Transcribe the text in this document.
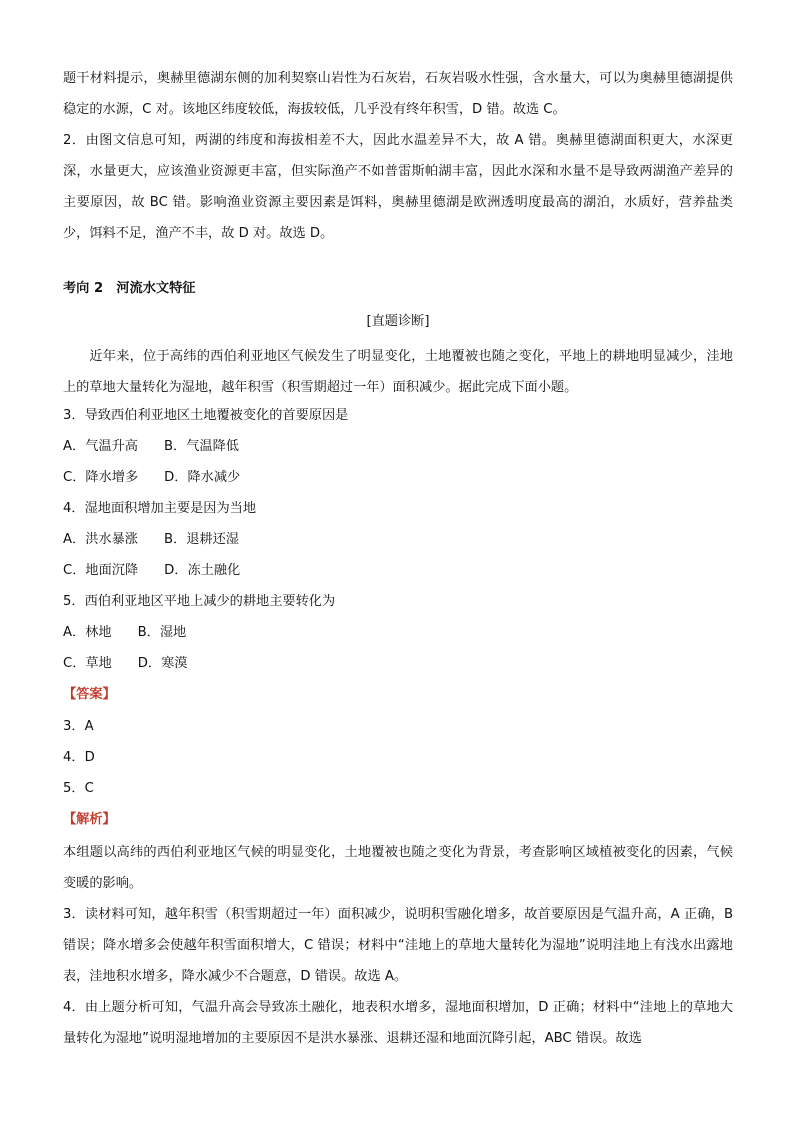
题干材料提示，奥赫里德湖东侧的加利契察山岩性为石灰岩，石灰岩吸水性强，含水量大，可以为奥赫里德湖提供稳定的水源，C 对。该地区纬度较低，海拔较低，几乎没有终年积雪，D 错。故选 C。

2．由图文信息可知，两湖的纬度和海拔相差不大，因此水温差异不大，故 A 错。奥赫里德湖面积更大，水深更深，水量更大，应该渔业资源更丰富，但实际渔产不如普雷斯帕湖丰富，因此水深和水量不是导致两湖渔产差异的主要原因，故 BC 错。影响渔业资源主要因素是饵料，奥赫里德湖是欧洲透明度最高的湖泊，水质好，营养盐类少，饵料不足，渔产不丰，故 D 对。故选 D。

考向 2　河流水文特征
[直题诊断]

近年来，位于高纬的西伯利亚地区气候发生了明显变化，土地覆被也随之变化，平地上的耕地明显减少，洼地上的草地大量转化为湿地，越年积雪（积雪期超过一年）面积减少。据此完成下面小题。

3．导致西伯利亚地区土地覆被变化的首要原因是
A．气温升高 B．气温降低
C．降水增多 D．降水减少
4．湿地面积增加主要是因为当地
A．洪水暴涨 B．退耕还湿
C．地面沉降 D．冻土融化
5．西伯利亚地区平地上减少的耕地主要转化为
A．林地 B．湿地
C．草地 D．寒漠
【答案】
3．A
4．D
5．C
【解析】

本组题以高纬的西伯利亚地区气候的明显变化，土地覆被也随之变化为背景，考查影响区域植被变化的因素，气候变暖的影响。

3．读材料可知，越年积雪（积雪期超过一年）面积减少，说明积雪融化增多，故首要原因是气温升高，A 正确，B 错误；降水增多会使越年积雪面积增大，C 错误；材料中“洼地上的草地大量转化为湿地”说明洼地上有浅水出露地表，洼地积水增多，降水减少不合题意，D 错误。故选 A。

4．由上题分析可知，气温升高会导致冻土融化，地表积水增多，湿地面积增加，D 正确；材料中“洼地上的草地大量转化为湿地”说明湿地增加的主要原因不是洪水暴涨、退耕还湿和地面沉降引起，ABC 错误。故选
